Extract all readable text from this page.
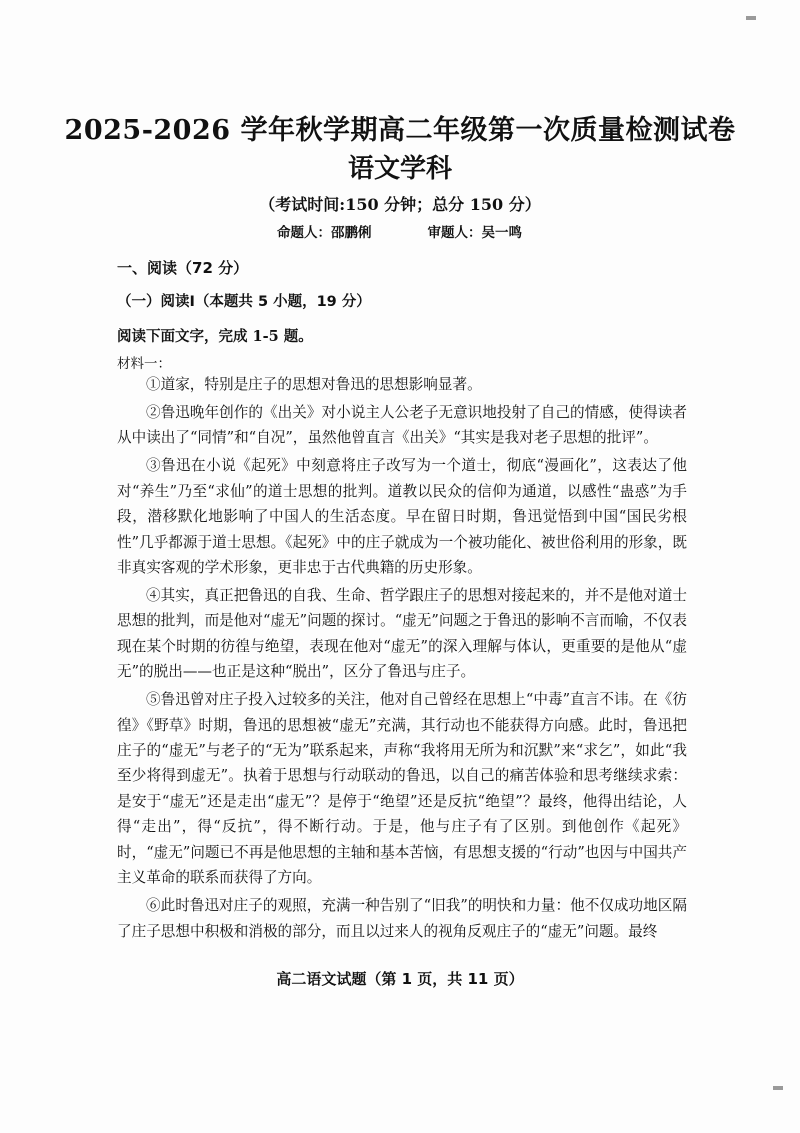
2025-2026 学年秋学期高二年级第一次质量检测试卷
语文学科
（考试时间:150 分钟；总分 150 分）
命题人：邵鹏俐	审题人：吴一鸣
一、阅读（72 分）
（一）阅读Ⅰ（本题共 5 小题，19 分）
阅读下面文字，完成 1-5 题。
材料一：

①道家，特别是庄子的思想对鲁迅的思想影响显著。

②鲁迅晚年创作的《出关》对小说主人公老子无意识地投射了自己的情感，使得读者从中读出了“同情”和“自况”，虽然他曾直言《出关》“其实是我对老子思想的批评”。

③鲁迅在小说《起死》中刻意将庄子改写为一个道士，彻底“漫画化”，这表达了他对“养生”乃至“求仙”的道士思想的批判。道教以民众的信仰为通道，以感性“蛊惑”为手段，潜移默化地影响了中国人的生活态度。早在留日时期，鲁迅觉悟到中国“国民劣根性”几乎都源于道士思想。《起死》中的庄子就成为一个被功能化、被世俗利用的形象，既非真实客观的学术形象，更非忠于古代典籍的历史形象。

④其实，真正把鲁迅的自我、生命、哲学跟庄子的思想对接起来的，并不是他对道士思想的批判，而是他对“虚无”问题的探讨。“虚无”问题之于鲁迅的影响不言而喻，不仅表现在某个时期的彷徨与绝望，表现在他对“虚无”的深入理解与体认，更重要的是他从“虚无”的脱出——也正是这种“脱出”，区分了鲁迅与庄子。

⑤鲁迅曾对庄子投入过较多的关注，他对自己曾经在思想上“中毒”直言不讳。在《彷徨》《野草》时期，鲁迅的思想被“虚无”充满，其行动也不能获得方向感。此时，鲁迅把庄子的“虚无”与老子的“无为”联系起来，声称“我将用无所为和沉默”来“求乞”，如此“我至少将得到虚无”。执着于思想与行动联动的鲁迅，以自己的痛苦体验和思考继续求索：是安于“虚无”还是走出“虚无”？是停于“绝望”还是反抗“绝望”？最终，他得出结论，人得“走出”，得“反抗”，得不断行动。于是，他与庄子有了区别。到他创作《起死》时，“虚无”问题已不再是他思想的主轴和基本苦恼，有思想支援的“行动”也因与中国共产主义革命的联系而获得了方向。

⑥此时鲁迅对庄子的观照，充满一种告别了“旧我”的明快和力量：他不仅成功地区隔了庄子思想中积极和消极的部分，而且以过来人的视角反观庄子的“虚无”问题。最终

高二语文试题（第 1 页，共 11 页）
